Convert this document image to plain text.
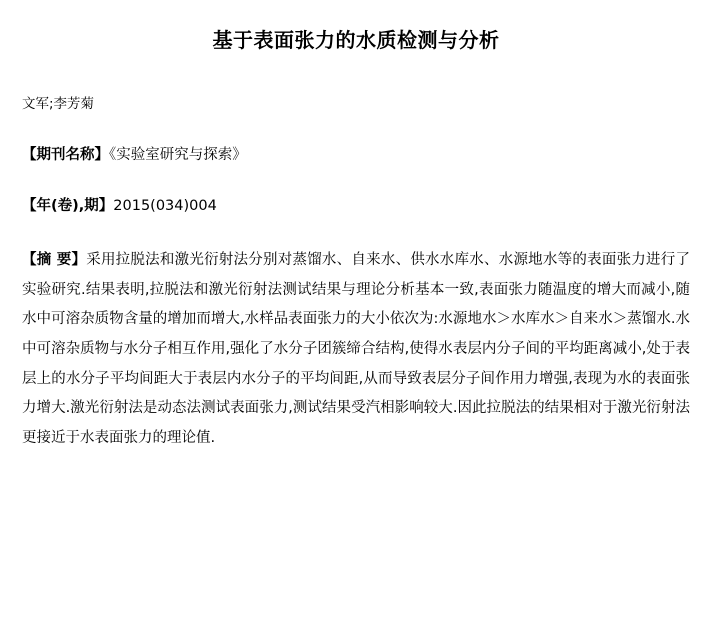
基于表面张力的水质检测与分析
文军;李芳菊
【期刊名称】《实验室研究与探索》
【年(卷),期】2015(034)004
【摘 要】采用拉脱法和激光衍射法分别对蒸馏水、自来水、供水水库水、水源地水等的表面张力进行了实验研究.结果表明,拉脱法和激光衍射法测试结果与理论分析基本一致,表面张力随温度的增大而减小,随水中可溶杂质物含量的增加而增大,水样品表面张力的大小依次为:水源地水＞水库水＞自来水＞蒸馏水.水中可溶杂质物与水分子相互作用,强化了水分子团簇缔合结构,使得水表层内分子间的平均距离减小,处于表层上的水分子平均间距大于表层内水分子的平均间距,从而导致表层分子间作用力增强,表现为水的表面张力增大.激光衍射法是动态法测试表面张力,测试结果受汽相影响较大.因此拉脱法的结果相对于激光衍射法更接近于水表面张力的理论值.
